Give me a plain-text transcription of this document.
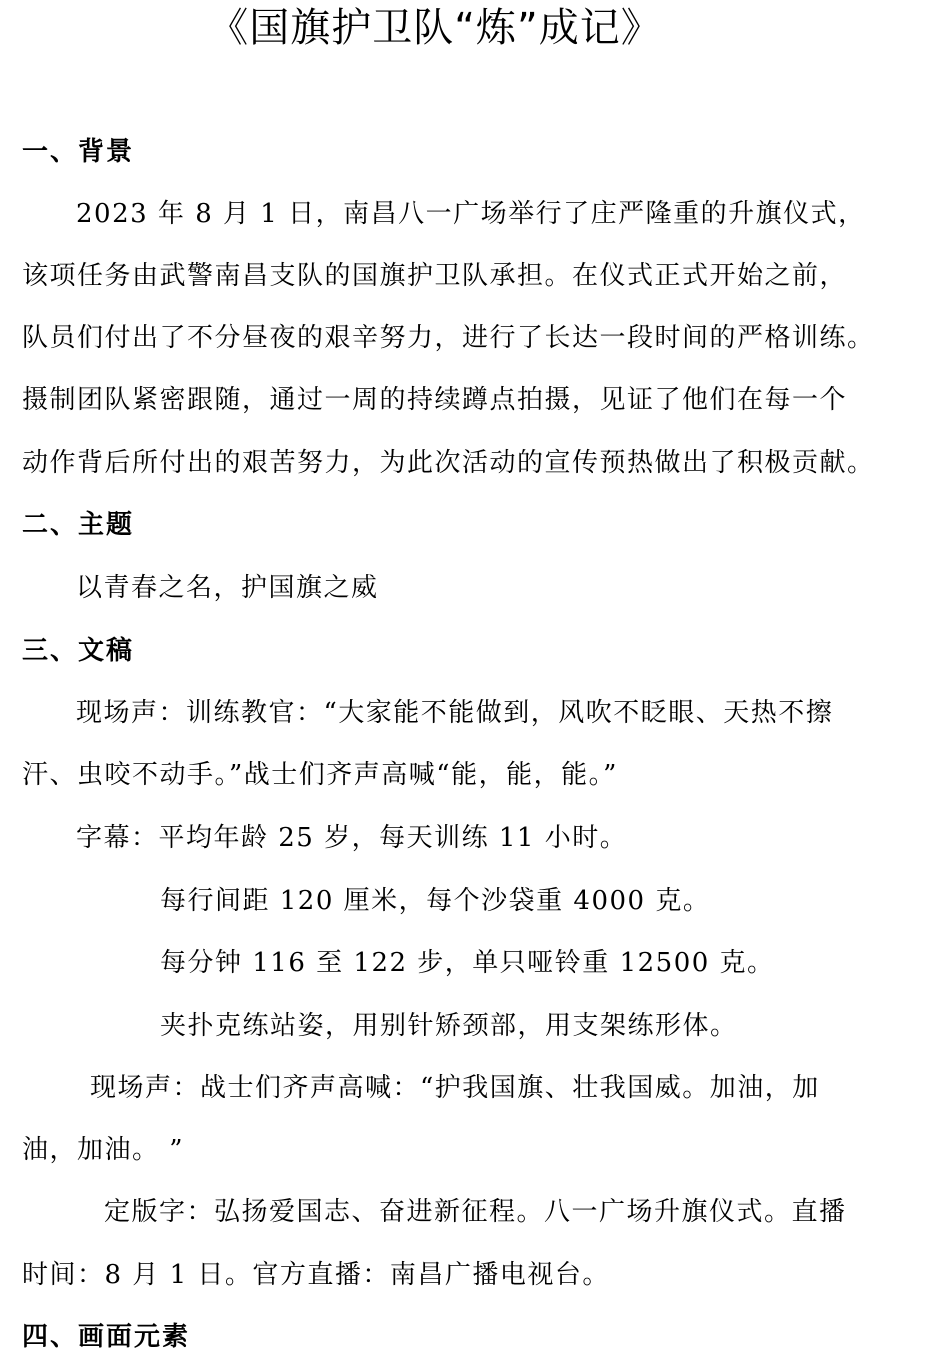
《国旗护卫队“炼”成记》
一、背景
2023 年 8 月 1 日，南昌八一广场举行了庄严隆重的升旗仪式，
该项任务由武警南昌支队的国旗护卫队承担。在仪式正式开始之前，
队员们付出了不分昼夜的艰辛努力，进行了长达一段时间的严格训练。
摄制团队紧密跟随，通过一周的持续蹲点拍摄，见证了他们在每一个
动作背后所付出的艰苦努力，为此次活动的宣传预热做出了积极贡献。
二、主题
以青春之名，护国旗之威
三、文稿
现场声：训练教官：“大家能不能做到，风吹不眨眼、天热不擦
汗、虫咬不动手。”战士们齐声高喊“能，能，能。”
字幕：平均年龄 25 岁，每天训练 11 小时。
每行间距 120 厘米，每个沙袋重 4000 克。
每分钟 116 至 122 步，单只哑铃重 12500 克。
夹扑克练站姿，用别针矫颈部，用支架练形体。
现场声：战士们齐声高喊：“护我国旗、壮我国威。加油，加
油，加油。 ”
定版字：弘扬爱国志、奋进新征程。八一广场升旗仪式。直播
时间：8 月 1 日。官方直播：南昌广播电视台。
四、画面元素
